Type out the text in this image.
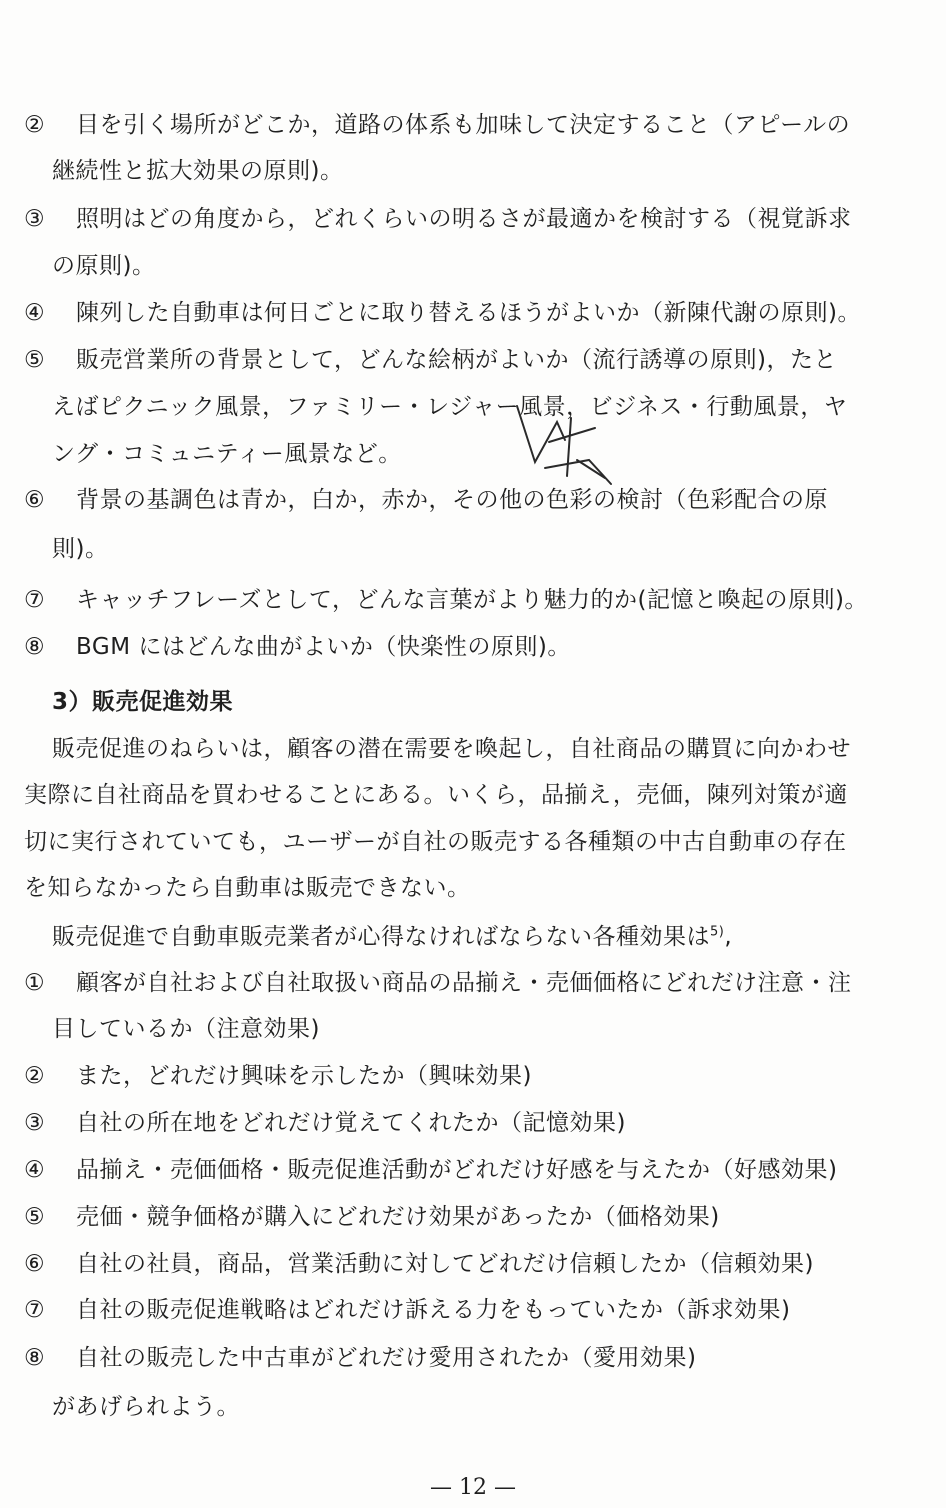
② 目を引く場所がどこか，道路の体系も加味して決定すること（アピールの
継続性と拡大効果の原則)。
③ 照明はどの角度から，どれくらいの明るさが最適かを検討する（視覚訴求
の原則)。
④ 陳列した自動車は何日ごとに取り替えるほうがよいか（新陳代謝の原則)。
⑤ 販売営業所の背景として，どんな絵柄がよいか（流行誘導の原則)，たと
えばピクニック風景，ファミリー・レジャー風景，ビジネス・行動風景，ヤ
ング・コミュニティー風景など。
⑥ 背景の基調色は青か，白か，赤か，その他の色彩の検討（色彩配合の原
則)。
⑦ キャッチフレーズとして，どんな言葉がより魅力的か(記憶と喚起の原則)。
⑧ BGM にはどんな曲がよいか（快楽性の原則)。
3）販売促進効果
販売促進のねらいは，顧客の潜在需要を喚起し，自社商品の購買に向かわせ
実際に自社商品を買わせることにある。いくら，品揃え，売価，陳列対策が適
切に実行されていても，ユーザーが自社の販売する各種類の中古自動車の存在
を知らなかったら自動車は販売できない。
販売促進で自動車販売業者が心得なければならない各種効果は$^{5)}$,
① 顧客が自社および自社取扱い商品の品揃え・売価価格にどれだけ注意・注
目しているか（注意効果)
② また，どれだけ興味を示したか（興味効果)
③ 自社の所在地をどれだけ覚えてくれたか（記憶効果)
④ 品揃え・売価価格・販売促進活動がどれだけ好感を与えたか（好感効果)
⑤ 売価・競争価格が購入にどれだけ効果があったか（価格効果)
⑥ 自社の社員，商品，営業活動に対してどれだけ信頼したか（信頼効果)
⑦ 自社の販売促進戦略はどれだけ訴える力をもっていたか（訴求効果)
⑧ 自社の販売した中古車がどれだけ愛用されたか（愛用効果)
があげられよう。
— 12 —
